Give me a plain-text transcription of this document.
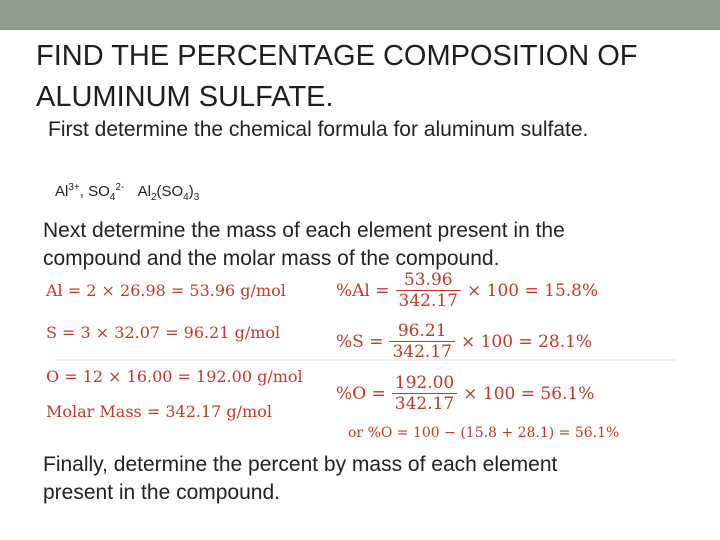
FIND THE PERCENTAGE COMPOSITION OF
ALUMINUM SULFATE.
First determine the chemical formula for aluminum sulfate.
$Al^{3+}$, $SO_4^{2-}$ $Al_2(SO_4)_3$
Next determine the mass of each element present in the
compound and the molar mass of the compound.
Al = 2 × 26.98 = 53.96 g/mol
S = 3 × 32.07 = 96.21 g/mol
O = 12 × 16.00 = 192.00 g/mol
Molar Mass = 342.17 g/mol
$\%Al = \frac{53.96}{342.17} \times 100 = 15.8\%$
$\%S = \frac{96.21}{342.17} \times 100 = 28.1\%$
$\%O = \frac{192.00}{342.17} \times 100 = 56.1\%$
or %O = 100 − (15.8 + 28.1) = 56.1%
Finally, determine the percent by mass of each element
present in the compound.
